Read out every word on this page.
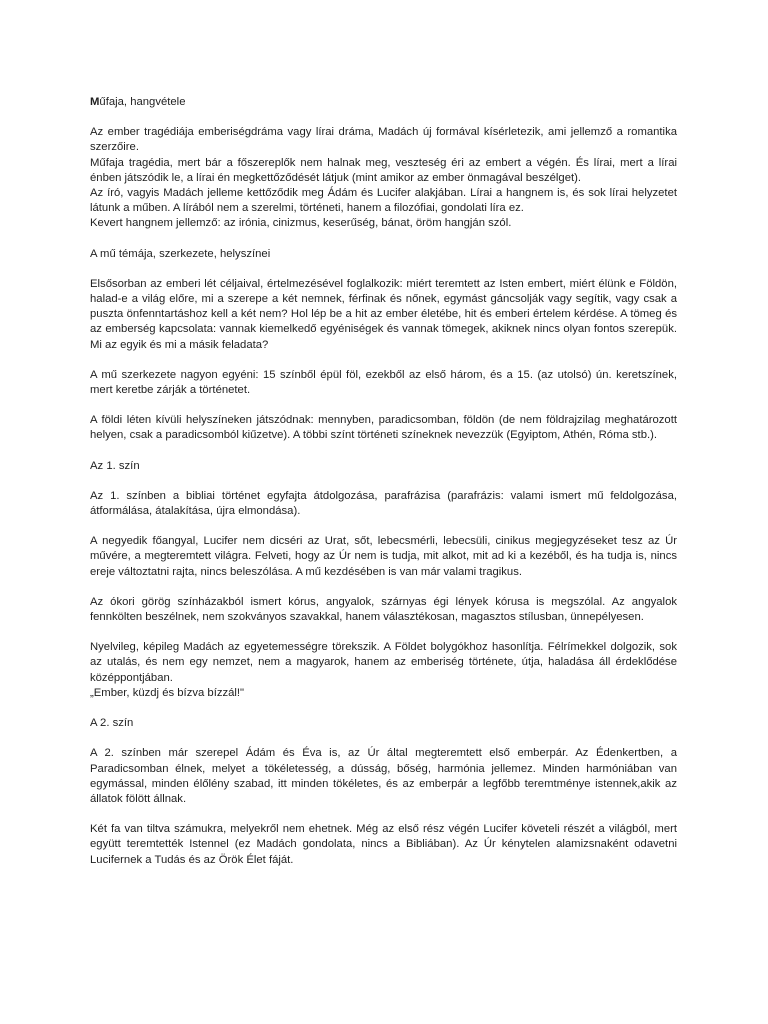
Műfaja, hangvétele

Az ember tragédiája emberiségdráma vagy lírai dráma, Madách új formával kísérletezik, ami jellemző a romantika szerzőire.

Műfaja tragédia, mert bár a főszereplők nem halnak meg, veszteség éri az embert a végén. És lírai, mert a lírai énben játszódik le, a lírai én megkettőződését látjuk (mint amikor az ember önmagával beszélget).

Az író, vagyis Madách jelleme kettőződik meg Ádám és Lucifer alakjában. Lírai a hangnem is, és sok lírai helyzetet látunk a műben. A lírából nem a szerelmi, történeti, hanem a filozófiai, gondolati líra ez.

Kevert hangnem jellemző: az irónia, cinizmus, keserűség, bánat, öröm hangján szól.

A mű témája, szerkezete, helyszínei
Elsősorban az emberi lét céljaival, értelmezésével foglalkozik: miért teremtett az Isten embert, miért élünk e Földön, halad-e a világ előre, mi a szerepe a két nemnek, férfinak és nőnek, egymást gáncsolják vagy segítik, vagy csak a puszta önfenntartáshoz kell a két nem? Hol lép be a hit az ember életébe, hit és emberi értelem kérdése. A tömeg és az emberség kapcsolata: vannak kiemelkedő egyéniségek és vannak tömegek, akiknek nincs olyan fontos szerepük. Mi az egyik és mi a másik feladata?
A mű szerkezete nagyon egyéni: 15 színből épül föl, ezekből az első három, és a 15. (az utolsó) ún. keretszínek, mert keretbe zárják a történetet.
A földi léten kívüli helyszíneken játszódnak: mennyben, paradicsomban, földön (de nem földrajzilag meghatározott helyen, csak a paradicsomból kiűzetve). A többi színt történeti színeknek nevezzük (Egyiptom, Athén, Róma stb.).
Az 1. szín
Az 1. színben a bibliai történet egyfajta átdolgozása, parafrázisa (parafrázis: valami ismert mű feldolgozása, átformálása, átalakítása, újra elmondása).
A negyedik főangyal, Lucifer nem dicséri az Urat, sőt, lebecsmérli, lebecsüli, cinikus megjegyzéseket tesz az Úr művére, a megteremtett világra. Felveti, hogy az Úr nem is tudja, mit alkot, mit ad ki a kezéből, és ha tudja is, nincs ereje változtatni rajta, nincs beleszólása. A mű kezdésében is van már valami tragikus.
Az ókori görög színházakból ismert kórus, angyalok, szárnyas égi lények kórusa is megszólal. Az angyalok fennkölten beszélnek, nem szokványos szavakkal, hanem választékosan, magasztos stílusban, ünnepélyesen.

Nyelvileg, képileg Madách az egyetemességre törekszik. A Földet bolygókhoz hasonlítja. Félrímekkel dolgozik, sok az utalás, és nem egy nemzet, nem a magyarok, hanem az emberiség története, útja, haladása áll érdeklődése középpontjában.

„Ember, küzdj és bízva bízzál!"

A 2. szín
A 2. színben már szerepel Ádám és Éva is, az Úr által megteremtett első emberpár. Az Édenkertben, a Paradicsomban élnek, melyet a tökéletesség, a dússág, bőség, harmónia jellemez. Minden harmóniában van egymással, minden élőlény szabad, itt minden tökéletes, és az emberpár a legfőbb teremtménye istennek,akik az állatok fölött állnak.
Két fa van tiltva számukra, melyekről nem ehetnek. Még az első rész végén Lucifer követeli részét a világból, mert együtt teremtették Istennel (ez Madách gondolata, nincs a Bibliában). Az Úr kénytelen alamizsnaként odavetni Lucifernek a Tudás és az Örök Élet fáját.
